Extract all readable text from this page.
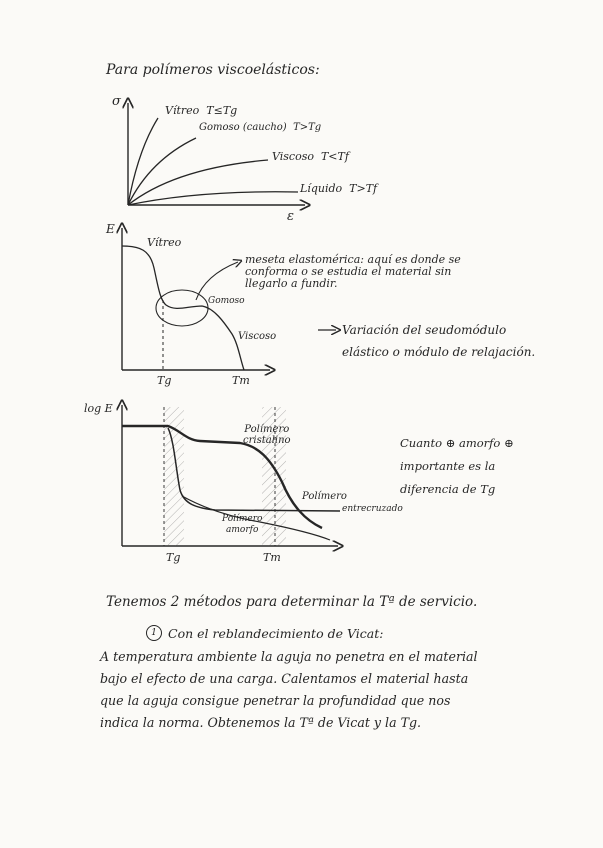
Para polímeros viscoelásticos:
σ
ε
Vítreo T≤Tg
Gomoso (caucho) T>Tg
Viscoso T<Tf
Líquido T>Tf
E
Vítreo
Gomoso
Viscoso
Tg	Tm
meseta elastomérica: aquí es donde se
conforma o se estudia el material sin
llegarlo a fundir.
Variación del seudomódulo
elástico o módulo de relajación.
log E
Polímero
cristalino
Polímero
entrecruzado
Polímero
amorfo
Tg	Tm
Cuanto ⊕ amorfo ⊕
importante es la
diferencia de Tg
Tenemos 2 métodos para determinar la Tª de servicio.
1 Con el reblandecimiento de Vicat:
A temperatura ambiente la aguja no penetra en el material
bajo el efecto de una carga. Calentamos el material hasta
que la aguja consigue penetrar la profundidad que nos
indica la norma. Obtenemos la Tª de Vicat y la Tg.
